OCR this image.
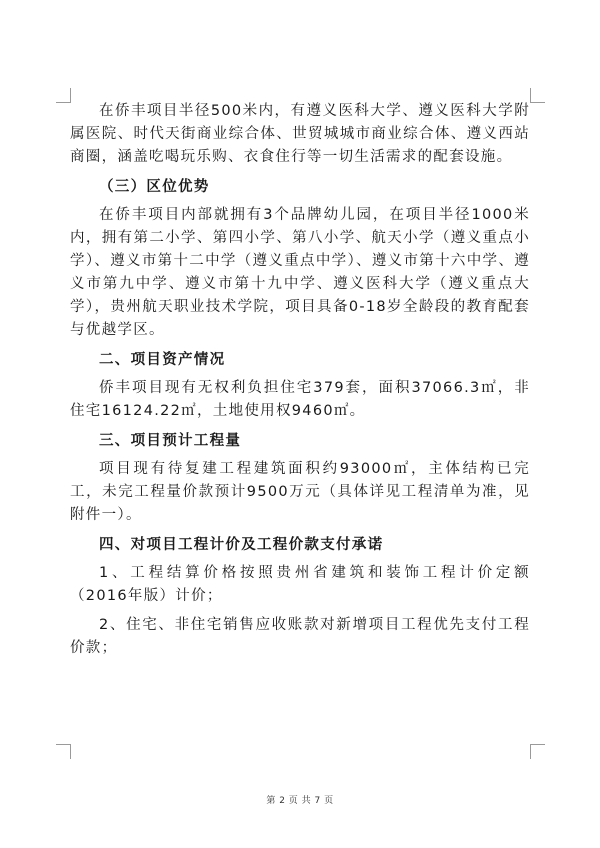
在侨丰项目半径500米内，有遵义医科大学、遵义医科大学附属医院、时代天街商业综合体、世贸城城市商业综合体、遵义西站商圈，涵盖吃喝玩乐购、衣食住行等一切生活需求的配套设施。

（三）区位优势

在侨丰项目内部就拥有3个品牌幼儿园，在项目半径1000米内，拥有第二小学、第四小学、第八小学、航天小学（遵义重点小学）、遵义市第十二中学（遵义重点中学）、遵义市第十六中学、遵义市第九中学、遵义市第十九中学、遵义医科大学（遵义重点大学），贵州航天职业技术学院，项目具备0-18岁全龄段的教育配套与优越学区。

二、项目资产情况

侨丰项目现有无权利负担住宅379套，面积37066.3㎡，非住宅16124.22㎡，土地使用权9460㎡。

三、项目预计工程量

项目现有待复建工程建筑面积约93000㎡，主体结构已完工，未完工程量价款预计9500万元（具体详见工程清单为准，见附件一）。

四、对项目工程计价及工程价款支付承诺

1、工程结算价格按照贵州省建筑和装饰工程计价定额（2016年版）计价；

2、住宅、非住宅销售应收账款对新增项目工程优先支付工程价款；

第 2 页 共 7 页
